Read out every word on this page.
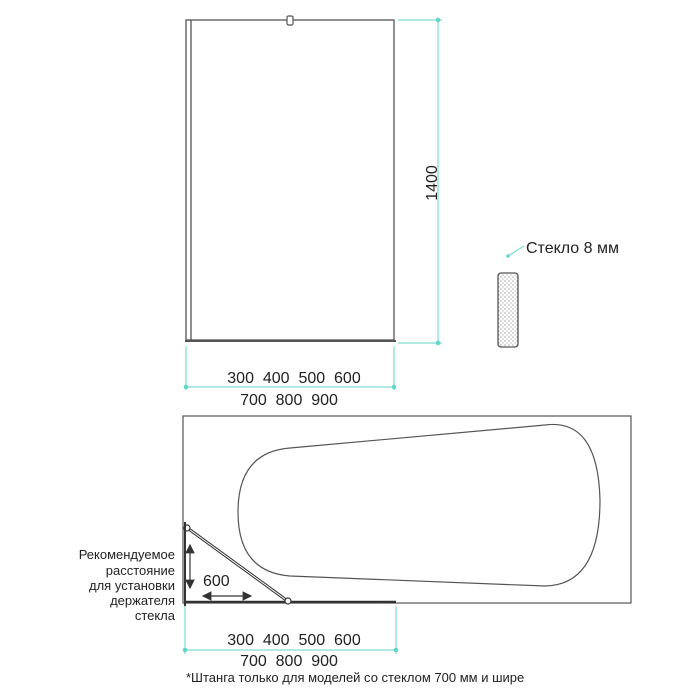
1400
300  400  500  600
700  800  900
Стекло 8 мм
600
Рекомендуемое
расстояние
для установки
держателя
стекла
300  400  500  600
700  800  900
*Штанга только для моделей со стеклом 700 мм и шире
